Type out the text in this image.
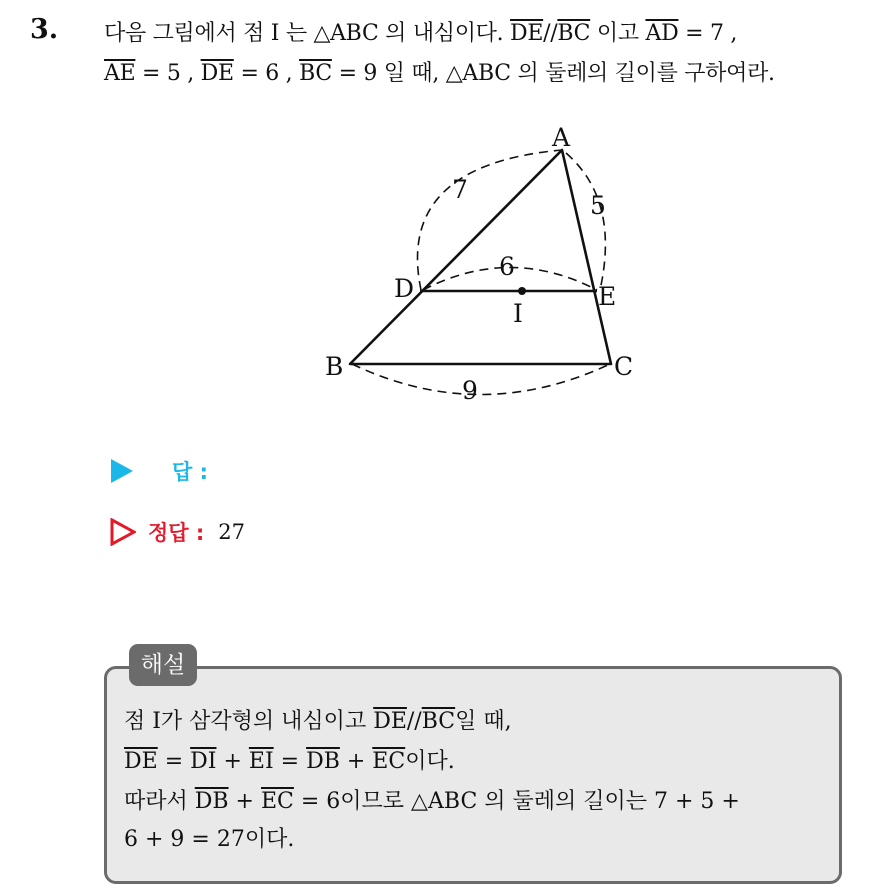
3. 다음 그림에서 점 I 는 △ABC 의 내심이다. $\overline{DE}//\overline{BC}$ 이고 $\overline{AD} = 7$ ,
$\overline{AE} = 5$ , $\overline{DE} = 6$ , $\overline{BC} = 9$ 일 때, △ABC 의 둘레의 길이를 구하여라.
A
B	C
D	E
I
7
5
6
9
답 :
정답 : 27
해설
점 I가 삼각형의 내심이고 $\overline{DE}//\overline{BC}$일 때,
$\overline{DE} = \overline{DI} + \overline{EI} = \overline{DB} + \overline{EC}$이다.
따라서 $\overline{DB} + \overline{EC} = 6$이므로 △ABC 의 둘레의 길이는 7 + 5 +
6 + 9 = 27이다.
